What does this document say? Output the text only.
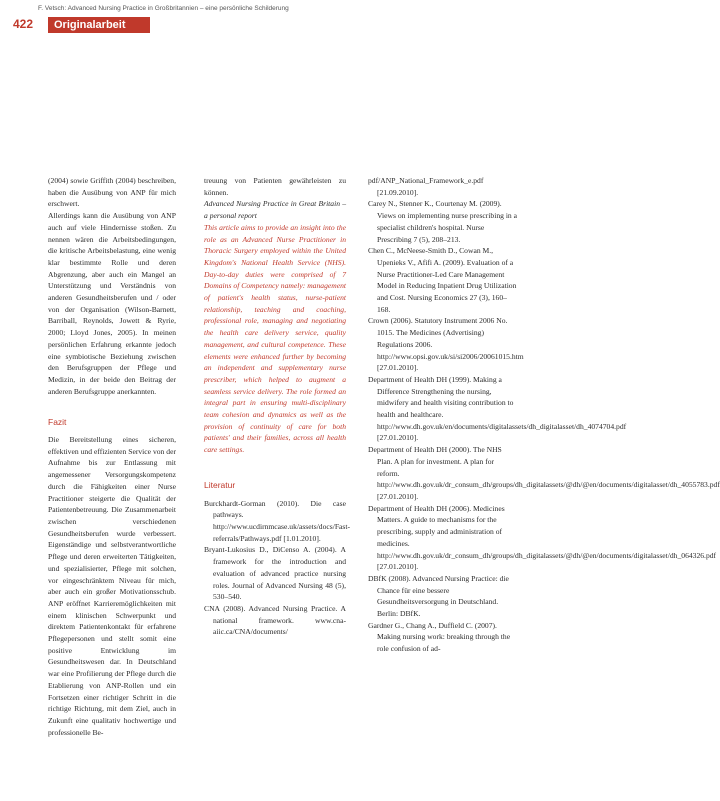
F. Vetsch: Advanced Nursing Practice in Großbritannien – eine persönliche Schilderung
422	Originalarbeit

(2004) sowie Griffith (2004) beschreiben, haben die Ausübung von ANP für mich erschwert.

Allerdings kann die Ausübung von ANP auch auf viele Hindernisse stoßen. Zu nennen wären die Arbeitsbedingungen, die kritische Arbeitsbelastung, eine wenig klar bestimmte Rolle und deren Abgrenzung, aber auch ein Mangel an Unterstützung und Verständnis von anderen Gesundheitsberufen und / oder von der Organisation (Wilson-Barnett, Barriball, Reynolds, Jowett & Ryrie, 2000; Lloyd Jones, 2005). In meinen persönlichen Erfahrung erkannte jedoch eine symbiotische Beziehung zwischen den Berufsgruppen der Pflege und Medizin, in der beide den Beitrag der anderen Berufsgruppe anerkannten.

Fazit

Die Bereitstellung eines sicheren, effektiven und effizienten Service von der Aufnahme bis zur Entlassung mit angemessener Versorgungskompetenz durch die Fähigkeiten einer Nurse Practitioner steigerte die Qualität der Patientenbetreuung. Die Zusammenarbeit zwischen verschiedenen Gesundheitsberufen wurde verbessert. Eigenständige und selbstverantwortliche Pflege und deren erweiterten Tätigkeiten, und spezialisierter, Pflege mit solchen, vor eingeschränktem Niveau für mich, aber auch ein großer Motivationsschub. ANP eröffnet Karrieremöglichkeiten mit einem klinischen Schwerpunkt und direktem Patientenkontakt für erfahrene Pflegepersonen und stellt somit eine positive Entwicklung im Gesundheitswesen dar. In Deutschland war eine Profilierung der Pflege durch die Etablierung von ANP-Rollen und ein Fortsetzen einer richtiger Schritt in die richtige Richtung, mit dem Ziel, auch in Zukunft eine qualitativ hochwertige und professionelle Be-

treuung von Patienten gewährleisten zu können.

Advanced Nursing Practice in Great Britain – a personal report

This article aims to provide an insight into the role as an Advanced Nurse Practitioner in Thoracic Surgery employed within the United Kingdom's National Health Service (NHS). Day-to-day duties were comprised of 7 Domains of Competency namely: management of patient's health status, nurse-patient relationship, teaching and coaching, professional role, managing and negotiating the health care delivery service, quality management, and cultural competence. These elements were enhanced further by becoming an independent and supplementary nurse prescriber, which helped to augment a seamless service delivery. The role formed an integral part in ensuring multi-disciplinary team cohesion and dynamics as well as the provision of continuity of care for both patients' and their families, across all health care settings.

Literatur

Burckhardt-Gorman (2010). Die case pathways. http://www.ucdirnmcase.uk/assets/docs/Fast-referrals/Pathways.pdf [1.01.2010].

Bryant-Lukosius D., DiCenso A. (2004). A framework for the introduction and evaluation of advanced practice nursing roles. Journal of Advanced Nursing 48 (5), 530–540.

CNA (2008). Advanced Nursing Practice. A national framework. www.cna-aiic.ca/CNA/documents/

pdf/ANP_National_Framework_e.pdf [21.09.2010].

Carey N., Stenner K., Courtenay M. (2009). Views on implementing nurse prescribing in a specialist children's hospital. Nurse Prescribing 7 (5), 208–213.

Chen C., McNeese-Smith D., Cowan M., Upenieks V., Afifi A. (2009). Evaluation of a Nurse Practitioner-Led Care Management Model in Reducing Inpatient Drug Utilization and Cost. Nursing Economics 27 (3), 160–168.

Crown (2006). Statutory Instrument 2006 No. 1015. The Medicines (Advertising) Regulations 2006. http://www.opsi.gov.uk/si/si2006/20061015.htm [27.01.2010].

Department of Health DH (1999). Making a Difference Strengthening the nursing, midwifery and health visiting contribution to health and healthcare. http://www.dh.gov.uk/en/documents/digitalassets/dh_digitalasset/dh_4074704.pdf [27.01.2010].

Department of Health DH (2000). The NHS Plan. A plan for investment. A plan for reform. http://www.dh.gov.uk/dr_consum_dh/groups/dh_digitalassets/@dh/@en/documents/digitalasset/dh_4055783.pdf [27.01.2010].

Department of Health DH (2006). Medicines Matters. A guide to mechanisms for the prescribing, supply and administration of medicines. http://www.dh.gov.uk/dr_consum_dh/groups/dh_digitalassets/@dh/@en/documents/digitalasset/dh_064326.pdf [27.01.2010].

DBfK (2008). Advanced Nursing Practice: die Chance für eine bessere Gesundheitsversorgung in Deutschland. Berlin: DBfK.

Gardner G., Chang A., Duffield C. (2007). Making nursing work: breaking through the role confusion of ad-
